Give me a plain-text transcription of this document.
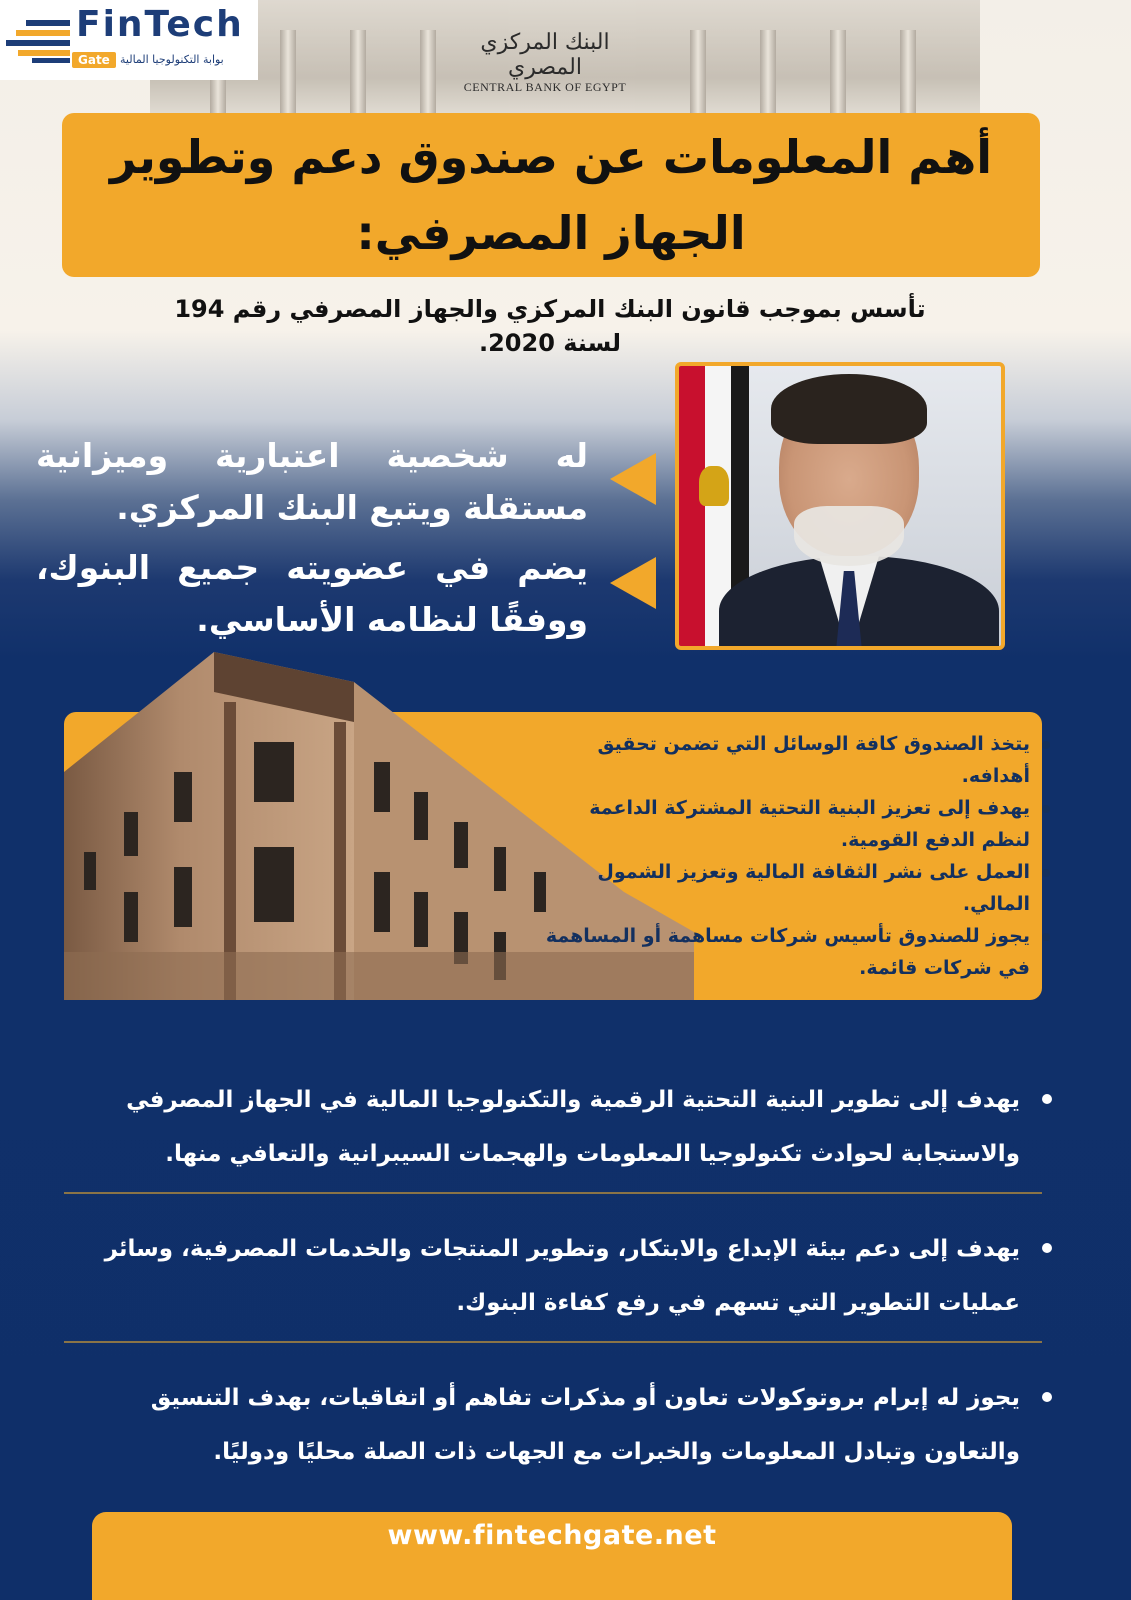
FinTech
Gate بوابة التكنولوجيا المالية
البنك المركزي المصري
CENTRAL BANK OF EGYPT
أهم المعلومات عن صندوق دعم وتطوير الجهاز المصرفي:
تأسس بموجب قانون البنك المركزي والجهاز المصرفي رقم 194 لسنة 2020.
له شخصية اعتبارية وميزانية مستقلة ويتبع البنك المركزي.
يضم في عضويته جميع البنوك، ووفقًا لنظامه الأساسي.
يتخذ الصندوق كافة الوسائل التي تضمن تحقيق أهدافه.
يهدف إلى تعزيز البنية التحتية المشتركة الداعمة لنظم الدفع القومية.
العمل على نشر الثقافة المالية وتعزيز الشمول المالي.
يجوز للصندوق تأسيس شركات مساهمة أو المساهمة في شركات قائمة.
يهدف إلى تطوير البنية التحتية الرقمية والتكنولوجيا المالية في الجهاز المصرفي والاستجابة لحوادث تكنولوجيا المعلومات والهجمات السيبرانية والتعافي منها.
يهدف إلى دعم بيئة الإبداع والابتكار، وتطوير المنتجات والخدمات المصرفية، وسائر عمليات التطوير التي تسهم في رفع كفاءة البنوك.
يجوز له إبرام بروتوكولات تعاون أو مذكرات تفاهم أو اتفاقيات، بهدف التنسيق والتعاون وتبادل المعلومات والخبرات مع الجهات ذات الصلة محليًا ودوليًا.
www.fintechgate.net
